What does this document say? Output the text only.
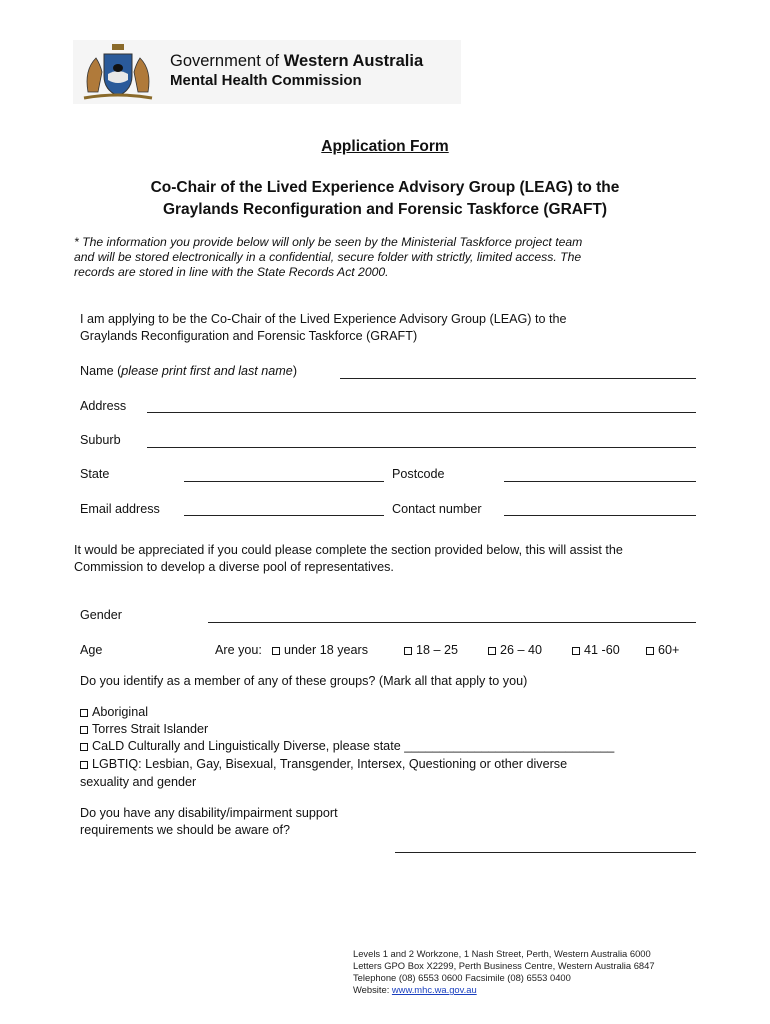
Government of Western Australia
Mental Health Commission
Application Form
Co-Chair of the Lived Experience Advisory Group (LEAG) to the
Graylands Reconfiguration and Forensic Taskforce (GRAFT)
* The information you provide below will only be seen by the Ministerial Taskforce project team
and will be stored electronically in a confidential, secure folder with strictly, limited access. The
records are stored in line with the State Records Act 2000.
I am applying to be the Co-Chair of the Lived Experience Advisory Group (LEAG) to the
Graylands Reconfiguration and Forensic Taskforce (GRAFT)
Name (please print first and last name)
Address
Suburb
State	Postcode
Email address	Contact number
It would be appreciated if you could please complete the section provided below, this will assist the
Commission to develop a diverse pool of representatives.
Gender
Age	Are you:	under 18 years	18 – 25	26 – 40	41 -60	60+
Do you identify as a member of any of these groups? (Mark all that apply to you)
Aboriginal
Torres Strait Islander
CaLD Culturally and Linguistically Diverse, please state ______________________________
LGBTIQ: Lesbian, Gay, Bisexual, Transgender, Intersex, Questioning or other diverse
sexuality and gender
Do you have any disability/impairment support
requirements we should be aware of?
Levels 1 and 2 Workzone, 1 Nash Street, Perth, Western Australia 6000
Letters GPO Box X2299, Perth Business Centre, Western Australia 6847
Telephone (08) 6553 0600 Facsimile (08) 6553 0400
Website: www.mhc.wa.gov.au
